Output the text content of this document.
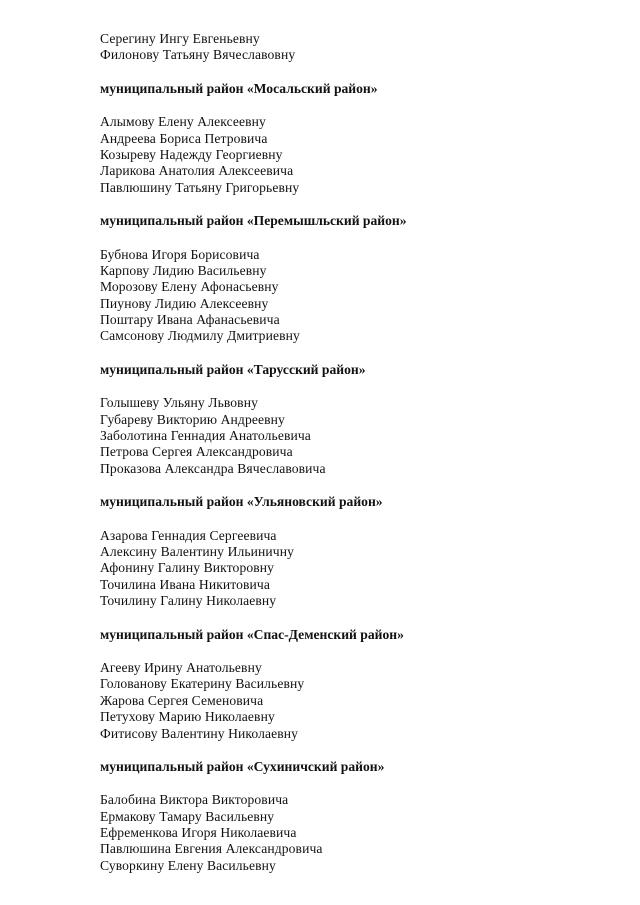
Серегину Ингу Евгеньевну
Филонову Татьяну Вячеславовну
муниципальный район «Мосальский район»
Алымову Елену Алексеевну
Андреева Бориса Петровича
Козыреву Надежду Георгиевну
Ларикова Анатолия Алексеевича
Павлюшину Татьяну Григорьевну
муниципальный район «Перемышльский район»
Бубнова Игоря Борисовича
Карпову Лидию Васильевну
Морозову Елену Афонасьевну
Пиунову Лидию Алексеевну
Поштару Ивана Афанасьевича
Самсонову Людмилу Дмитриевну
муниципальный район «Тарусский район»
Голышеву Ульяну Львовну
Губареву Викторию Андреевну
Заболотина Геннадия Анатольевича
Петрова Сергея Александровича
Проказова Александра Вячеславовича
муниципальный район «Ульяновский район»
Азарова Геннадия Сергеевича
Алексину Валентину Ильиничну
Афонину Галину Викторовну
Точилина Ивана Никитовича
Точилину Галину Николаевну
муниципальный район «Спас-Деменский район»
Агееву Ирину Анатольевну
Голованову Екатерину Васильевну
Жарова Сергея Семеновича
Петухову Марию Николаевну
Фитисову Валентину Николаевну
муниципальный район «Сухиничский район»
Балобина Виктора Викторовича
Ермакову Тамару Васильевну
Ефременкова Игоря Николаевича
Павлюшина Евгения Александровича
Суворкину Елену Васильевну
